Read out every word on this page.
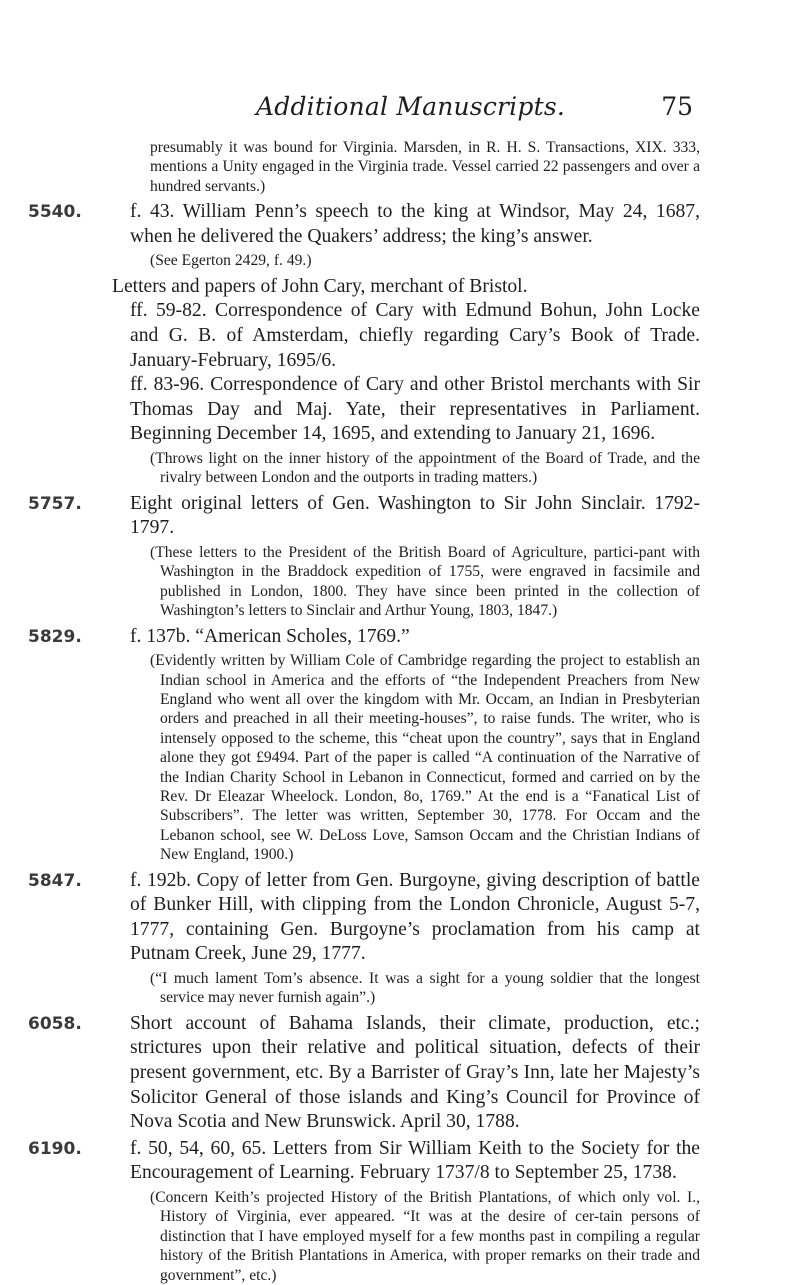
Additional Manuscripts.	75

presumably it was bound for Virginia. Marsden, in R. H. S. Transactions, XIX. 333, mentions a Unity engaged in the Virginia trade. Vessel carried 22 passengers and over a hundred servants.)

5540. f. 43. William Penn’s speech to the king at Windsor, May 24, 1687, when he delivered the Quakers’ address; the king’s answer.

(See Egerton 2429, f. 49.)

Letters and papers of John Cary, merchant of Bristol.

ff. 59-82. Correspondence of Cary with Edmund Bohun, John Locke and G. B. of Amsterdam, chiefly regarding Cary’s Book of Trade. January-February, 1695/6.
ff. 83-96. Correspondence of Cary and other Bristol merchants with Sir Thomas Day and Maj. Yate, their representatives in Parliament. Beginning December 14, 1695, and extending to January 21, 1696.

(Throws light on the inner history of the appointment of the Board of Trade, and the rivalry between London and the outports in trading matters.)

5757. Eight original letters of Gen. Washington to Sir John Sinclair. 1792-1797.

(These letters to the President of the British Board of Agriculture, partici-pant with Washington in the Braddock expedition of 1755, were engraved in facsimile and published in London, 1800. They have since been printed in the collection of Washington’s letters to Sinclair and Arthur Young, 1803, 1847.)

5829. f. 137b. “American Scholes, 1769.”

(Evidently written by William Cole of Cambridge regarding the project to establish an Indian school in America and the efforts of “the Independent Preachers from New England who went all over the kingdom with Mr. Occam, an Indian in Presbyterian orders and preached in all their meeting-houses”, to raise funds. The writer, who is intensely opposed to the scheme, this “cheat upon the country”, says that in England alone they got £9494. Part of the paper is called “A continuation of the Narrative of the Indian Charity School in Lebanon in Connecticut, formed and carried on by the Rev. Dr Eleazar Wheelock. London, 8o, 1769.” At the end is a “Fanatical List of Subscribers”. The letter was written, September 30, 1778. For Occam and the Lebanon school, see W. DeLoss Love, Samson Occam and the Christian Indians of New England, 1900.)

5847. f. 192b. Copy of letter from Gen. Burgoyne, giving description of battle of Bunker Hill, with clipping from the London Chronicle, August 5-7, 1777, containing Gen. Burgoyne’s proclamation from his camp at Putnam Creek, June 29, 1777.

(“I much lament Tom’s absence. It was a sight for a young soldier that the longest service may never furnish again”.)

6058. Short account of Bahama Islands, their climate, production, etc.; strictures upon their relative and political situation, defects of their present government, etc. By a Barrister of Gray’s Inn, late her Majesty’s Solicitor General of those islands and King’s Council for Province of Nova Scotia and New Brunswick. April 30, 1788.
6190. f. 50, 54, 60, 65. Letters from Sir William Keith to the Society for the Encouragement of Learning. February 1737/8 to September 25, 1738.

(Concern Keith’s projected History of the British Plantations, of which only vol. I., History of Virginia, ever appeared. “It was at the desire of cer-tain persons of distinction that I have employed myself for a few months past in compiling a regular history of the British Plantations in America, with proper remarks on their trade and government”, etc.)
